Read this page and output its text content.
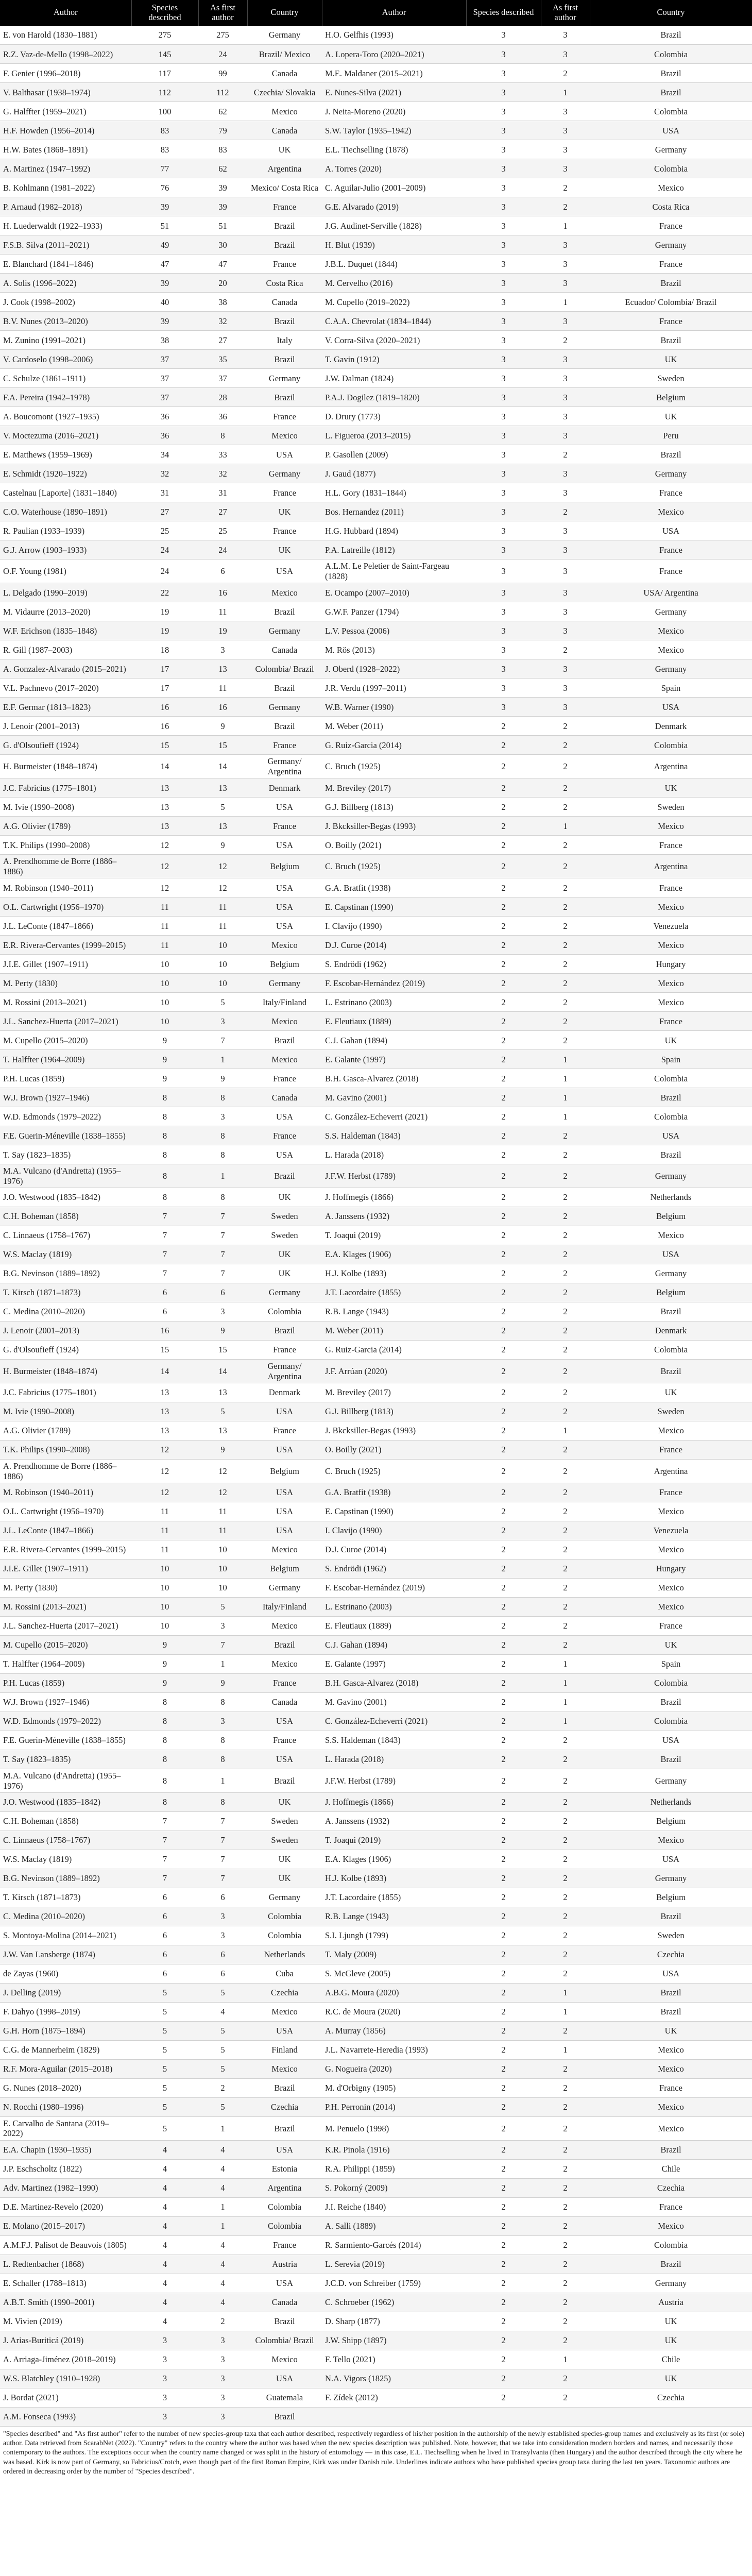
Author	Species described	As first author	Country	Author	Species described	As first author	Country
E. von Harold (1830–1881)	275	275	Germany	H.O. Gelfhis (1993)	3	3	Brazil
R.Z. Vaz-de-Mello (1998–2022)	145	24	Brazil/ Mexico	A. Lopera-Toro (2020–2021)	3	3	Colombia
F. Genier (1996–2018)	117	99	Canada	M.E. Maldaner (2015–2021)	3	2	Brazil
V. Balthasar (1938–1974)	112	112	Czechia/ Slovakia	E. Nunes-Silva (2021)	3	1	Brazil
G. Halffter (1959–2021)	100	62	Mexico	J. Neita-Moreno (2020)	3	3	Colombia
H.F. Howden (1956–2014)	83	79	Canada	S.W. Taylor (1935–1942)	3	3	USA
H.W. Bates (1868–1891)	83	83	UK	E.L. Tiechselling (1878)	3	3	Germany
A. Martinez (1947–1992)	77	62	Argentina	A. Torres (2020)	3	3	Colombia
B. Kohlmann (1981–2022)	76	39	Mexico/ Costa Rica	C. Aguilar-Julio (2001–2009)	3	2	Mexico
P. Arnaud (1982–2018)	39	39	France	G.E. Alvarado (2019)	3	2	Costa Rica
H. Luederwaldt (1922–1933)	51	51	Brazil	J.G. Audinet-Serville (1828)	3	1	France
F.S.B. Silva (2011–2021)	49	30	Brazil	H. Blut (1939)	3	3	Germany
E. Blanchard (1841–1846)	47	47	France	J.B.L. Duquet (1844)	3	3	France
A. Solis (1996–2022)	39	20	Costa Rica	M. Cervelho (2016)	3	3	Brazil
J. Cook (1998–2002)	40	38	Canada	M. Cupello (2019–2022)	3	1	Ecuador/ Colombia/ Brazil
B.V. Nunes (2013–2020)	39	32	Brazil	C.A.A. Chevrolat (1834–1844)	3	3	France
M. Zunino (1991–2021)	38	27	Italy	V. Corra-Silva (2020–2021)	3	2	Brazil
V. Cardoselo (1998–2006)	37	35	Brazil	T. Gavin (1912)	3	3	UK
C. Schulze (1861–1911)	37	37	Germany	J.W. Dalman (1824)	3	3	Sweden
F.A. Pereira (1942–1978)	37	28	Brazil	P.A.J. Dogilez (1819–1820)	3	3	Belgium
A. Boucomont (1927–1935)	36	36	France	D. Drury (1773)	3	3	UK
V. Moctezuma (2016–2021)	36	8	Mexico	L. Figueroa (2013–2015)	3	3	Peru
E. Matthews (1959–1969)	34	33	USA	P. Gasollen (2009)	3	2	Brazil
E. Schmidt (1920–1922)	32	32	Germany	J. Gaud (1877)	3	3	Germany
Castelnau [Laporte] (1831–1840)	31	31	France	H.L. Gory (1831–1844)	3	3	France
C.O. Waterhouse (1890–1891)	27	27	UK	Bos. Hernandez (2011)	3	2	Mexico
R. Paulian (1933–1939)	25	25	France	H.G. Hubbard (1894)	3	3	USA
G.J. Arrow (1903–1933)	24	24	UK	P.A. Latreille (1812)	3	3	France
O.F. Young (1981)	24	6	USA	A.L.M. Le Peletier de Saint-Fargeau (1828)	3	3	France
L. Delgado (1990–2019)	22	16	Mexico	E. Ocampo (2007–2010)	3	3	USA/ Argentina
M. Vidaurre (2013–2020)	19	11	Brazil	G.W.F. Panzer (1794)	3	3	Germany
W.F. Erichson (1835–1848)	19	19	Germany	L.V. Pessoa (2006)	3	3	Mexico
R. Gill (1987–2003)	18	3	Canada	M. Rös (2013)	3	2	Mexico
A. Gonzalez-Alvarado (2015–2021)	17	13	Colombia/ Brazil	J. Oberd (1928–2022)	3	3	Germany
V.L. Pachnevo (2017–2020)	17	11	Brazil	J.R. Verdu (1997–2011)	3	3	Spain
E.F. Germar (1813–1823)	16	16	Germany	W.B. Warner (1990)	3	3	USA
J. Lenoir (2001–2013)	16	9	Brazil	M. Weber (2011)	2	2	Denmark
G. d'Olsoufieff (1924)	15	15	France	G. Ruiz-Garcia (2014)	2	2	Colombia
H. Burmeister (1848–1874)	14	14	Germany/ Argentina	C. Bruch (1925)	2	2	Argentina
J.C. Fabricius (1775–1801)	13	13	Denmark	M. Breviley (2017)	2	2	UK
M. Ivie (1990–2008)	13	5	USA	G.J. Billberg (1813)	2	2	Sweden
A.G. Olivier (1789)	13	13	France	J. Bkcksiller-Begas (1993)	2	1	Mexico
T.K. Philips (1990–2008)	12	9	USA	O. Boilly (2021)	2	2	France
A. Prendhomme de Borre (1886–1886)	12	12	Belgium	C. Bruch (1925)	2	2	Argentina
M. Robinson (1940–2011)	12	12	USA	G.A. Bratfit (1938)	2	2	France
O.L. Cartwright (1956–1970)	11	11	USA	E. Capstinan (1990)	2	2	Mexico
J.L. LeConte (1847–1866)	11	11	USA	I. Clavijo (1990)	2	2	Venezuela
E.R. Rivera-Cervantes (1999–2015)	11	10	Mexico	D.J. Curoe (2014)	2	2	Mexico
J.I.E. Gillet (1907–1911)	10	10	Belgium	S. Endrödi (1962)	2	2	Hungary
M. Perty (1830)	10	10	Germany	F. Escobar-Hernández (2019)	2	2	Mexico
M. Rossini (2013–2021)	10	5	Italy/Finland	L. Estrinano (2003)	2	2	Mexico
J.L. Sanchez-Huerta (2017–2021)	10	3	Mexico	E. Fleutiaux (1889)	2	2	France
M. Cupello (2015–2020)	9	7	Brazil	C.J. Gahan (1894)	2	2	UK
T. Halffter (1964–2009)	9	1	Mexico	E. Galante (1997)	2	1	Spain
P.H. Lucas (1859)	9	9	France	B.H. Gasca-Alvarez (2018)	2	1	Colombia
W.J. Brown (1927–1946)	8	8	Canada	M. Gavino (2001)	2	1	Brazil
W.D. Edmonds (1979–2022)	8	3	USA	C. González-Echeverri (2021)	2	1	Colombia
F.E. Guerin-Méneville (1838–1855)	8	8	France	S.S. Haldeman (1843)	2	2	USA
T. Say (1823–1835)	8	8	USA	L. Harada (2018)	2	2	Brazil
M.A. Vulcano (d'Andretta) (1955–1976)	8	1	Brazil	J.F.W. Herbst (1789)	2	2	Germany
J.O. Westwood (1835–1842)	8	8	UK	J. Hoffmegis (1866)	2	2	Netherlands
C.H. Boheman (1858)	7	7	Sweden	A. Janssens (1932)	2	2	Belgium
C. Linnaeus (1758–1767)	7	7	Sweden	T. Joaqui (2019)	2	2	Mexico
W.S. Maclay (1819)	7	7	UK	E.A. Klages (1906)	2	2	USA
B.G. Nevinson (1889–1892)	7	7	UK	H.J. Kolbe (1893)	2	2	Germany
T. Kirsch (1871–1873)	6	6	Germany	J.T. Lacordaire (1855)	2	2	Belgium
C. Medina (2010–2020)	6	3	Colombia	R.B. Lange (1943)	2	2	Brazil
J. Lenoir (2001–2013)	16	9	Brazil	M. Weber (2011)	2	2	Denmark
G. d'Olsoufieff (1924)	15	15	France	G. Ruiz-Garcia (2014)	2	2	Colombia
H. Burmeister (1848–1874)	14	14	Germany/ Argentina	J.F. Arrúan (2020)	2	2	Brazil
J.C. Fabricius (1775–1801)	13	13	Denmark	M. Breviley (2017)	2	2	UK
M. Ivie (1990–2008)	13	5	USA	G.J. Billberg (1813)	2	2	Sweden
A.G. Olivier (1789)	13	13	France	J. Bkcksiller-Begas (1993)	2	1	Mexico
T.K. Philips (1990–2008)	12	9	USA	O. Boilly (2021)	2	2	France
A. Prendhomme de Borre (1886–1886)	12	12	Belgium	C. Bruch (1925)	2	2	Argentina
M. Robinson (1940–2011)	12	12	USA	G.A. Bratfit (1938)	2	2	France
O.L. Cartwright (1956–1970)	11	11	USA	E. Capstinan (1990)	2	2	Mexico
J.L. LeConte (1847–1866)	11	11	USA	I. Clavijo (1990)	2	2	Venezuela
E.R. Rivera-Cervantes (1999–2015)	11	10	Mexico	D.J. Curoe (2014)	2	2	Mexico
J.I.E. Gillet (1907–1911)	10	10	Belgium	S. Endrödi (1962)	2	2	Hungary
M. Perty (1830)	10	10	Germany	F. Escobar-Hernández (2019)	2	2	Mexico
M. Rossini (2013–2021)	10	5	Italy/Finland	L. Estrinano (2003)	2	2	Mexico
J.L. Sanchez-Huerta (2017–2021)	10	3	Mexico	E. Fleutiaux (1889)	2	2	France
M. Cupello (2015–2020)	9	7	Brazil	C.J. Gahan (1894)	2	2	UK
T. Halffter (1964–2009)	9	1	Mexico	E. Galante (1997)	2	1	Spain
P.H. Lucas (1859)	9	9	France	B.H. Gasca-Alvarez (2018)	2	1	Colombia
W.J. Brown (1927–1946)	8	8	Canada	M. Gavino (2001)	2	1	Brazil
W.D. Edmonds (1979–2022)	8	3	USA	C. González-Echeverri (2021)	2	1	Colombia
F.E. Guerin-Méneville (1838–1855)	8	8	France	S.S. Haldeman (1843)	2	2	USA
T. Say (1823–1835)	8	8	USA	L. Harada (2018)	2	2	Brazil
M.A. Vulcano (d'Andretta) (1955–1976)	8	1	Brazil	J.F.W. Herbst (1789)	2	2	Germany
J.O. Westwood (1835–1842)	8	8	UK	J. Hoffmegis (1866)	2	2	Netherlands
C.H. Boheman (1858)	7	7	Sweden	A. Janssens (1932)	2	2	Belgium
C. Linnaeus (1758–1767)	7	7	Sweden	T. Joaqui (2019)	2	2	Mexico
W.S. Maclay (1819)	7	7	UK	E.A. Klages (1906)	2	2	USA
B.G. Nevinson (1889–1892)	7	7	UK	H.J. Kolbe (1893)	2	2	Germany
T. Kirsch (1871–1873)	6	6	Germany	J.T. Lacordaire (1855)	2	2	Belgium
C. Medina (2010–2020)	6	3	Colombia	R.B. Lange (1943)	2	2	Brazil
S. Montoya-Molina (2014–2021)	6	3	Colombia	S.I. Ljungh (1799)	2	2	Sweden
J.W. Van Lansberge (1874)	6	6	Netherlands	T. Maly (2009)	2	2	Czechia
de Zayas (1960)	6	6	Cuba	S. McGleve (2005)	2	2	USA
J. Delling (2019)	5	5	Czechia	A.B.G. Moura (2020)	2	1	Brazil
F. Dahyo (1998–2019)	5	4	Mexico	R.C. de Moura (2020)	2	1	Brazil
G.H. Horn (1875–1894)	5	5	USA	A. Murray (1856)	2	2	UK
C.G. de Mannerheim (1829)	5	5	Finland	J.L. Navarrete-Heredia (1993)	2	1	Mexico
R.F. Mora-Aguilar (2015–2018)	5	5	Mexico	G. Nogueira (2020)	2	2	Mexico
G. Nunes (2018–2020)	5	2	Brazil	M. d'Orbigny (1905)	2	2	France
N. Rocchi (1980–1996)	5	5	Czechia	P.H. Perronin (2014)	2	2	Mexico
E. Carvalho de Santana (2019–2022)	5	1	Brazil	M. Penuelo (1998)	2	2	Mexico
E.A. Chapin (1930–1935)	4	4	USA	K.R. Pinola (1916)	2	2	Brazil
J.P. Eschscholtz (1822)	4	4	Estonia	R.A. Philippi (1859)	2	2	Chile
Adv. Martinez (1982–1990)	4	4	Argentina	S. Pokorný (2009)	2	2	Czechia
D.E. Martinez-Revelo (2020)	4	1	Colombia	J.I. Reiche (1840)	2	2	France
E. Molano (2015–2017)	4	1	Colombia	A. Salli (1889)	2	2	Mexico
A.M.F.J. Palisot de Beauvois (1805)	4	4	France	R. Sarmiento-Garcés (2014)	2	2	Colombia
L. Redtenbacher (1868)	4	4	Austria	L. Serevia (2019)	2	2	Brazil
E. Schaller (1788–1813)	4	4	USA	J.C.D. von Schreiber (1759)	2	2	Germany
A.B.T. Smith (1990–2001)	4	4	Canada	C. Schroeber (1962)	2	2	Austria
M. Vivien (2019)	4	2	Brazil	D. Sharp (1877)	2	2	UK
J. Arias-Buriticá (2019)	3	3	Colombia/ Brazil	J.W. Shipp (1897)	2	2	UK
A. Arriaga-Jiménez (2018–2019)	3	3	Mexico	F. Tello (2021)	2	1	Chile
W.S. Blatchley (1910–1928)	3	3	USA	N.A. Vigors (1825)	2	2	UK
J. Bordat (2021)	3	3	Guatemala	F. Zídek (2012)	2	2	Czechia
A.M. Fonseca (1993)	3	3	Brazil				
"Species described" and "As first author" refer to the number of new species-group taxa that each author described, respectively regardless of his/her position in the authorship of the newly established species-group names and exclusively as its first (or sole) author. Data retrieved from ScarabNet (2022). "Country" refers to the country where the author was based when the new species description was published. Note, however, that we take into consideration modern borders and names, and necessarily those contemporary to the authors. The exceptions occur when the country name changed or was split in the history of entomology — in this case, E.L. Tiechselling when he lived in Transylvania (then Hungary) and the author described through the city where he was based. Kirk is now part of Germany, so Fabricius/Crotch, even though part of the first Roman Empire, Kirk was under Danish rule. Underlines indicate authors who have published species group taxa during the last ten years. Taxonomic authors are ordered in decreasing order by the number of "Species described".
